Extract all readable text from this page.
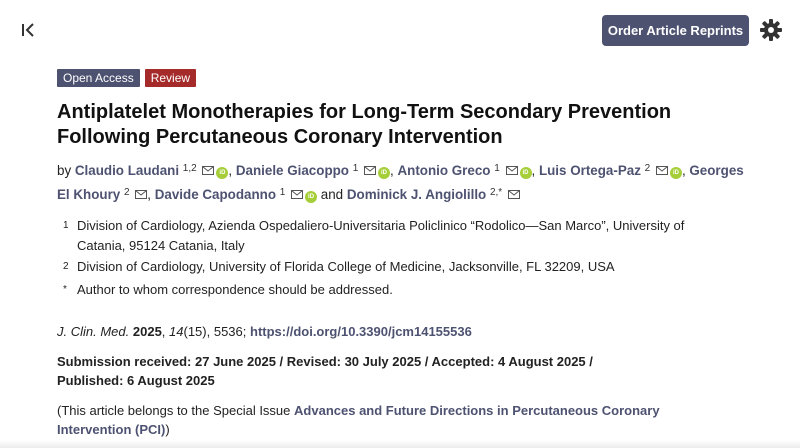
Order Article Reprints
Open Access	Review
Antiplatelet Monotherapies for Long-Term Secondary Prevention Following Percutaneous Coronary Intervention
by Claudio Laudani $^{1,2}$	iD , Daniele Giacoppo $^1$	iD , Antonio Greco $^1$	iD , Luis Ortega-Paz $^2$	iD , Georges El Khoury $^2$ , Davide Capodanno $^1$	iD and Dominick J. Angiolillo $^{2,*}$
1 Division of Cardiology, Azienda Ospedaliero-Universitaria Policlinico “Rodolico—San Marco”, University of Catania, 95124 Catania, Italy
2 Division of Cardiology, University of Florida College of Medicine, Jacksonville, FL 32209, USA
* Author to whom correspondence should be addressed.
J. Clin. Med. 2025, 14(15), 5536; https://doi.org/10.3390/jcm14155536
Submission received: 27 June 2025 / Revised: 30 July 2025 / Accepted: 4 August 2025 /
Published: 6 August 2025
(This article belongs to the Special Issue Advances and Future Directions in Percutaneous Coronary Intervention (PCI))
